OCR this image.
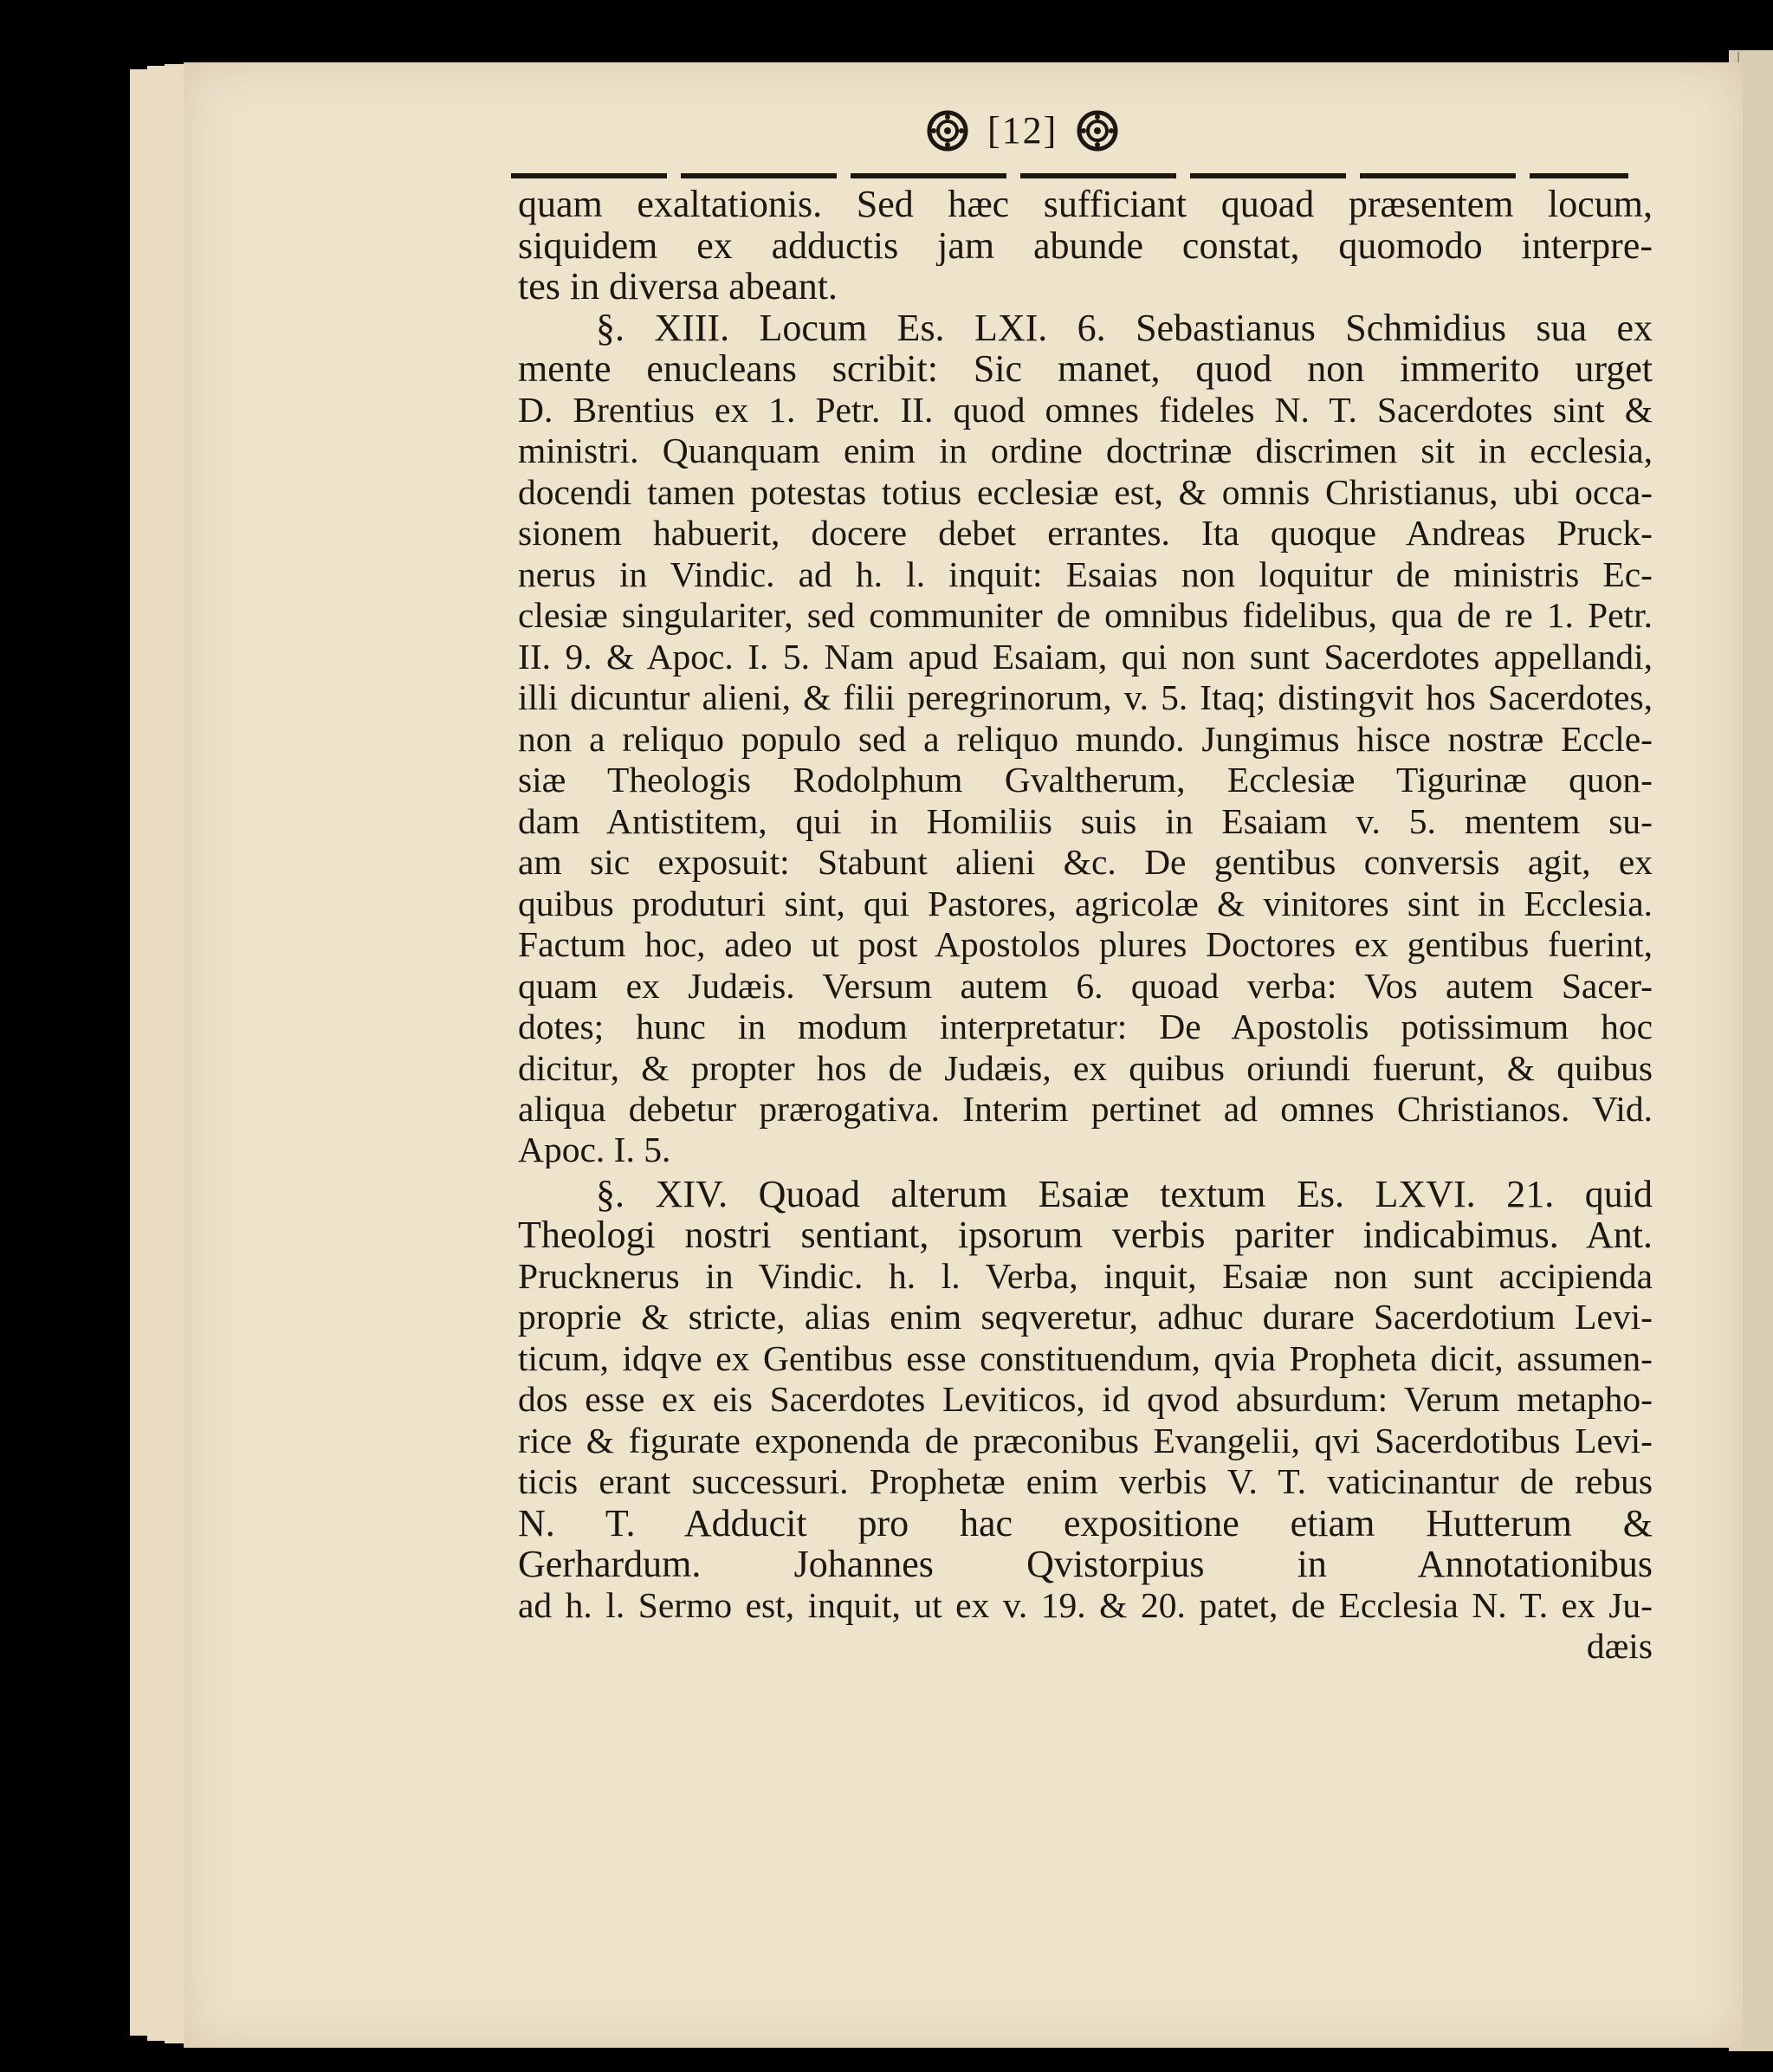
[12]
quam exaltationis. Sed hæc sufficiant quoad præsentem locum,
siquidem ex adductis jam abunde constat, quomodo interpre-
tes in diversa abeant.
§. XIII. Locum Es. LXI. 6. Sebastianus Schmidius sua ex
mente enucleans scribit: Sic manet, quod non immerito urget
D. Brentius ex 1. Petr. II. quod omnes fideles N. T. Sacerdotes sint &
ministri. Quanquam enim in ordine doctrinæ discrimen sit in ecclesia,
docendi tamen potestas totius ecclesiæ est, & omnis Christianus, ubi occa-
sionem habuerit, docere debet errantes. Ita quoque Andreas Pruck-
nerus in Vindic. ad h. l. inquit: Esaias non loquitur de ministris Ec-
clesiæ singulariter, sed communiter de omnibus fidelibus, qua de re 1. Petr.
II. 9. & Apoc. I. 5. Nam apud Esaiam, qui non sunt Sacerdotes appellandi,
illi dicuntur alieni, & filii peregrinorum, v. 5. Itaq; distingvit hos Sacerdotes,
non a reliquo populo sed a reliquo mundo. Jungimus hisce nostræ Eccle-
siæ Theologis Rodolphum Gvaltherum, Ecclesiæ Tigurinæ quon-
dam Antistitem, qui in Homiliis suis in Esaiam v. 5. mentem su-
am sic exposuit: Stabunt alieni &c. De gentibus conversis agit, ex
quibus produturi sint, qui Pastores, agricolæ & vinitores sint in Ecclesia.
Factum hoc, adeo ut post Apostolos plures Doctores ex gentibus fuerint,
quam ex Judæis. Versum autem 6. quoad verba: Vos autem Sacer-
dotes; hunc in modum interpretatur: De Apostolis potissimum hoc
dicitur, & propter hos de Judæis, ex quibus oriundi fuerunt, & quibus
aliqua debetur prærogativa. Interim pertinet ad omnes Christianos. Vid.
Apoc. I. 5.
§. XIV. Quoad alterum Esaiæ textum Es. LXVI. 21. quid
Theologi nostri sentiant, ipsorum verbis pariter indicabimus. Ant.
Prucknerus in Vindic. h. l. Verba, inquit, Esaiæ non sunt accipienda
proprie & stricte, alias enim seqveretur, adhuc durare Sacerdotium Levi-
ticum, idqve ex Gentibus esse constituendum, qvia Propheta dicit, assumen-
dos esse ex eis Sacerdotes Leviticos, id qvod absurdum: Verum metapho-
rice & figurate exponenda de præconibus Evangelii, qvi Sacerdotibus Levi-
ticis erant successuri. Prophetæ enim verbis V. T. vaticinantur de rebus
N. T. Adducit pro hac expositione etiam Hutterum &
Gerhardum. Johannes Qvistorpius in Annotationibus
ad h. l. Sermo est, inquit, ut ex v. 19. & 20. patet, de Ecclesia N. T. ex Ju-
dæis
